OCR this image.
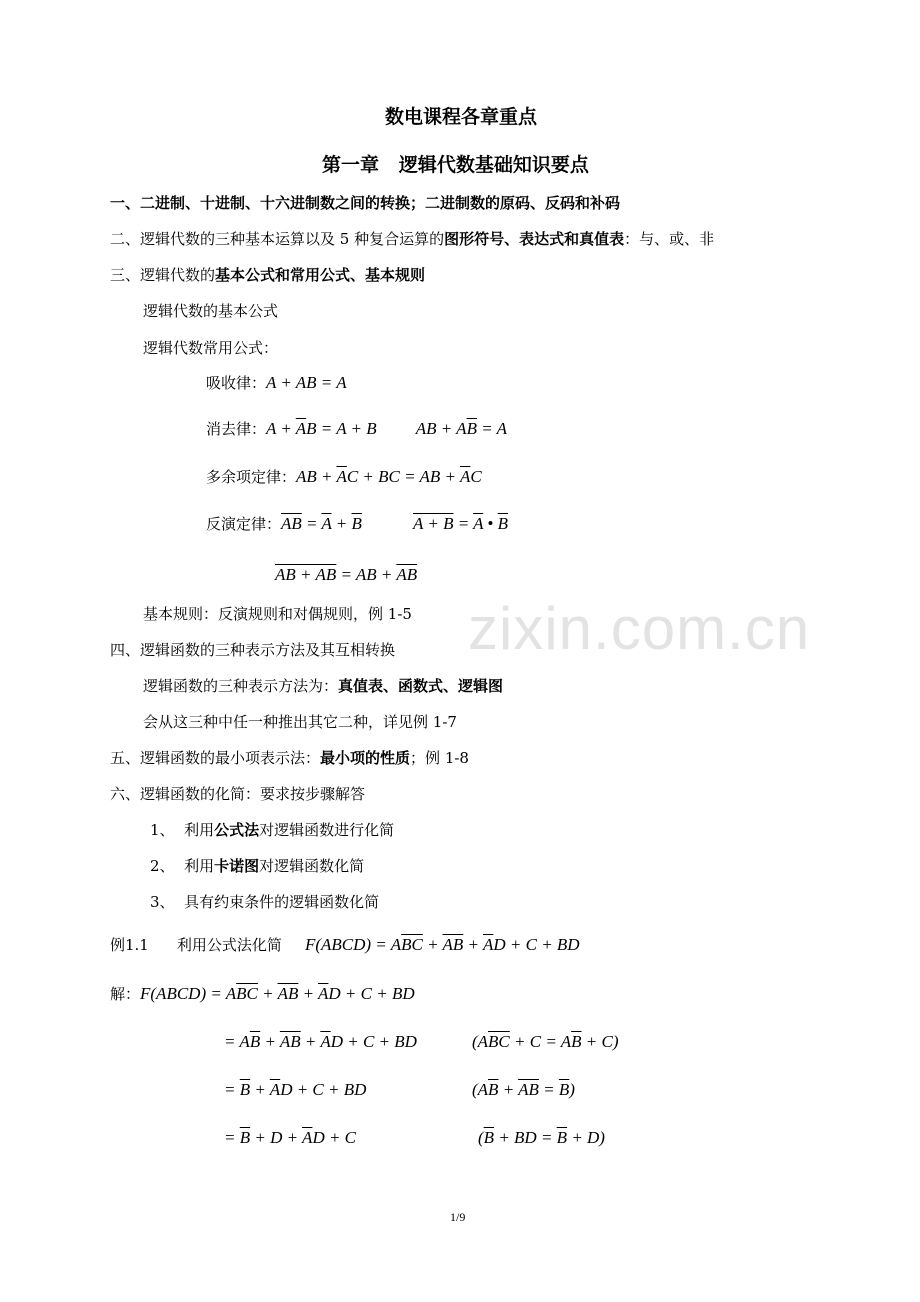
数电课程各章重点
第一章   逻辑代数基础知识要点
一、二进制、十进制、十六进制数之间的转换；二进制数的原码、反码和补码
二、逻辑代数的三种基本运算以及 5 种复合运算的图形符号、表达式和真值表：与、或、非
三、逻辑代数的基本公式和常用公式、基本规则
逻辑代数的基本公式
逻辑代数常用公式：
吸收律：A + AB = A
消去律：$A + \overline{A}B = A + B$ AB + $A\overline{B} = A$
多余项定律：AB + $\overline{A}C$ + BC = AB + $\overline{A}C$
反演定律：$\overline{AB} = \overline{A} + \overline{B}$	$A + B = \overline{A}$ • $\overline{B}$
AB + AB = AB + $\overline{AB}$
基本规则：反演规则和对偶规则，例 1-5
四、逻辑函数的三种表示方法及其互相转换
逻辑函数的三种表示方法为：真值表、函数式、逻辑图
会从这三种中任一种推出其它二种，详见例 1-7
五、逻辑函数的最小项表示法：最小项的性质；例 1-8
六、逻辑函数的化简：要求按步骤解答
1、 利用公式法对逻辑函数进行化简
2、 利用卡诺图对逻辑函数化简
3、 具有约束条件的逻辑函数化简
例1.1 利用公式法化简 F(ABCD) = $A\overline{BC} + \overline{AB} + \overline{A}D + C$ + BD
解：F(ABCD) = $A\overline{BC} + \overline{AB} + \overline{A}D + C$ + BD
= $A\overline{B} + \overline{AB} + \overline{A}D + C$ + BD	$(A\overline{BC} + C = A\overline{B} + C)$
= $\overline{B} + \overline{A}D + C$ + BD	$(A\overline{B} + \overline{AB} = \overline{B})$
= $\overline{B} + D + \overline{A}D + C$	($\overline{B}$ + BD = $\overline{B} + D$)
zixin.com.cn
1/9
